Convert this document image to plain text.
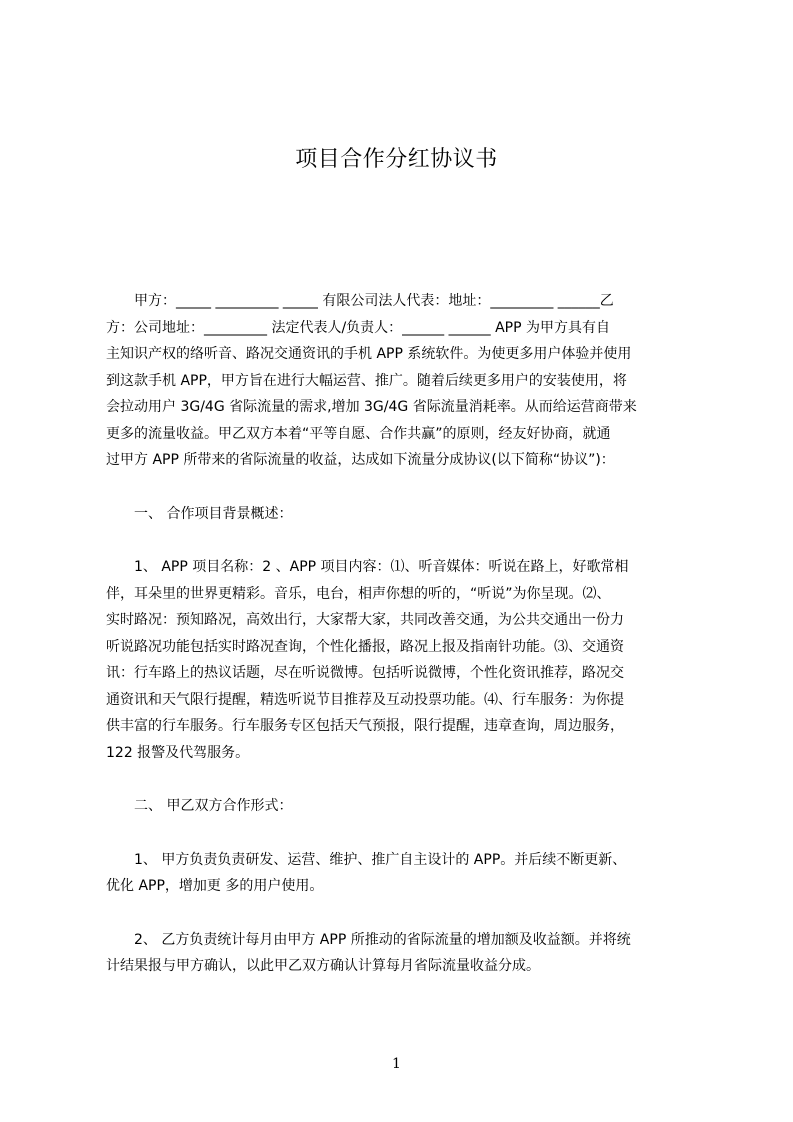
项目合作分红协议书
　　甲方：_____ _________ _____ 有限公司法人代表：地址：_________ ______乙
方：公司地址：_________ 法定代表人/负责人：______ ______ APP 为甲方具有自
主知识产权的络听音、路况交通资讯的手机 APP 系统软件。为使更多用户体验并使用
到这款手机 APP，甲方旨在进行大幅运营、推广。随着后续更多用户的安装使用，将
会拉动用户 3G/4G 省际流量的需求,增加 3G/4G 省际流量消耗率。从而给运营商带来
更多的流量收益。甲乙双方本着“平等自愿、合作共赢”的原则，经友好协商，就通
过甲方 APP 所带来的省际流量的收益，达成如下流量分成协议(以下简称“协议”)：
　　一、 合作项目背景概述：
　　1、 APP 项目名称：2 、APP 项目内容：⑴、听音媒体：听说在路上，好歌常相
伴，耳朵里的世界更精彩。音乐，电台，相声你想的听的，“听说”为你呈现。⑵、
实时路况：预知路况，高效出行，大家帮大家，共同改善交通，为公共交通出一份力
听说路况功能包括实时路况查询，个性化播报，路况上报及指南针功能。⑶、交通资
讯：行车路上的热议话题，尽在听说微博。包括听说微博，个性化资讯推荐，路况交
通资讯和天气限行提醒，精选听说节目推荐及互动投票功能。⑷、行车服务：为你提
供丰富的行车服务。行车服务专区包括天气预报，限行提醒，违章查询，周边服务，
122 报警及代驾服务。
　　二、 甲乙双方合作形式：
　　1、 甲方负责负责研发、运营、维护、推广自主设计的 APP。并后续不断更新、
优化 APP，增加更 多的用户使用。
　　2、 乙方负责统计每月由甲方 APP 所推动的省际流量的增加额及收益额。并将统
计结果报与甲方确认，以此甲乙双方确认计算每月省际流量收益分成。
1
